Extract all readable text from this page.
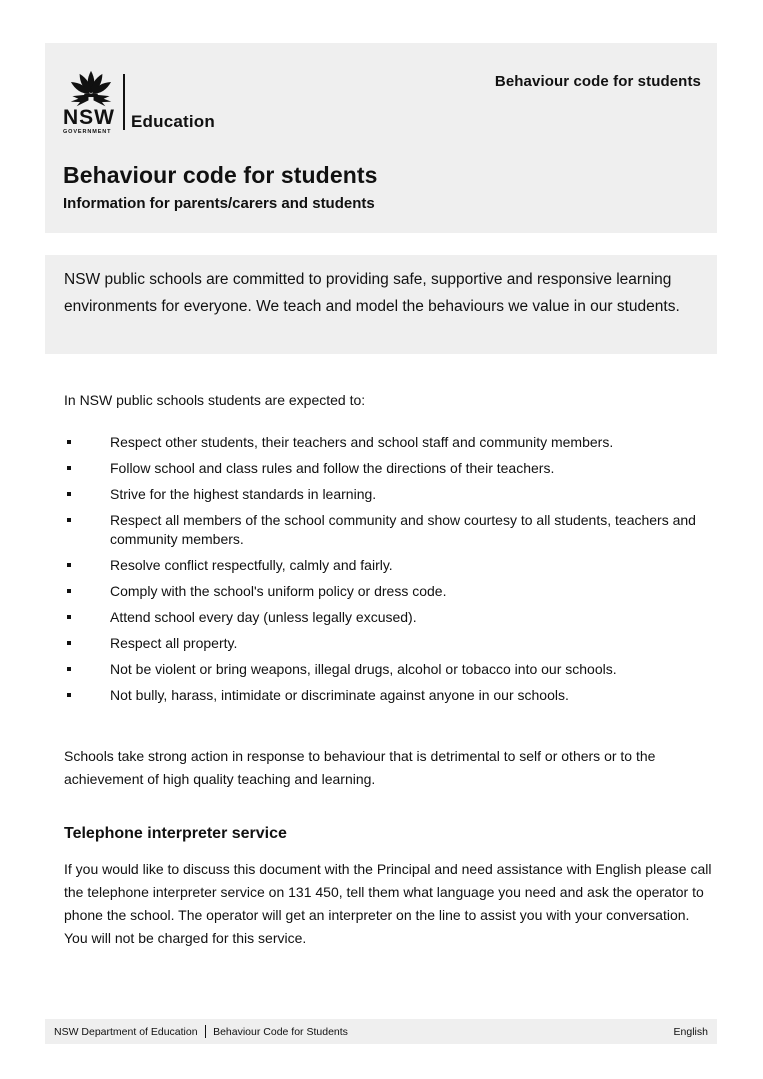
Behaviour code for students
NSW
GOVERNMENT
Education
Behaviour code for students
Information for parents/carers and students
NSW public schools are committed to providing safe, supportive and responsive learning environments for everyone. We teach and model the behaviours we value in our students.

In NSW public schools students are expected to:

Respect other students, their teachers and school staff and community members.
Follow school and class rules and follow the directions of their teachers.
Strive for the highest standards in learning.
Respect all members of the school community and show courtesy to all students, teachers and community members.
Resolve conflict respectfully, calmly and fairly.
Comply with the school's uniform policy or dress code.
Attend school every day (unless legally excused).
Respect all property.
Not be violent or bring weapons, illegal drugs, alcohol or tobacco into our schools.
Not bully, harass, intimidate or discriminate against anyone in our schools.

Schools take strong action in response to behaviour that is detrimental to self or others or to the achievement of high quality teaching and learning.

Telephone interpreter service

If you would like to discuss this document with the Principal and need assistance with English please call the telephone interpreter service on 131 450, tell them what language you need and ask the operator to phone the school. The operator will get an interpreter on the line to assist you with your conversation. You will not be charged for this service.

NSW Department of Education Behaviour Code for Students	English
